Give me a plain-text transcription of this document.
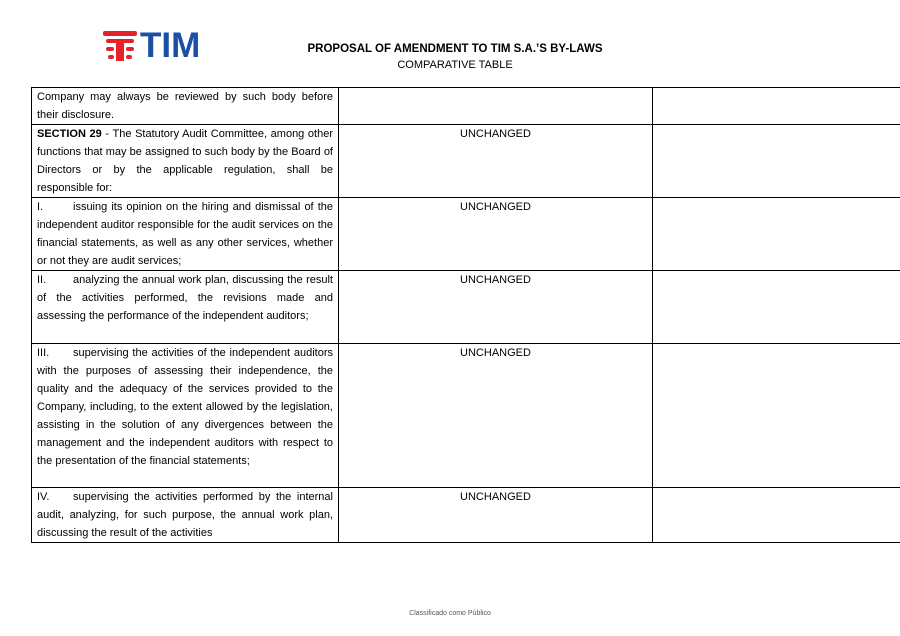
TIM	PROPOSAL OF AMENDMENT TO TIM S.A.’S BY-LAWS
COMPARATIVE TABLE
Company may always be reviewed by such body before their disclosure.		
SECTION 29 - The Statutory Audit Committee, among other functions that may be assigned to such body by the Board of Directors or by the applicable regulation, shall be responsible for:	UNCHANGED	
I. issuing its opinion on the hiring and dismissal of the independent auditor responsible for the audit services on the financial statements, as well as any other services, whether or not they are audit services;	UNCHANGED	
II. analyzing the annual work plan, discussing the result of the activities performed, the revisions made and assessing the performance of the independent auditors;	UNCHANGED	
III. supervising the activities of the independent auditors with the purposes of assessing their independence, the quality and the adequacy of the services provided to the Company, including, to the extent allowed by the legislation, assisting in the solution of any divergences between the management and the independent auditors with respect to the presentation of the financial statements;	UNCHANGED	
IV. supervising the activities performed by the internal audit, analyzing, for such purpose, the annual work plan, discussing the result of the activities	UNCHANGED	
Classificado como Público
